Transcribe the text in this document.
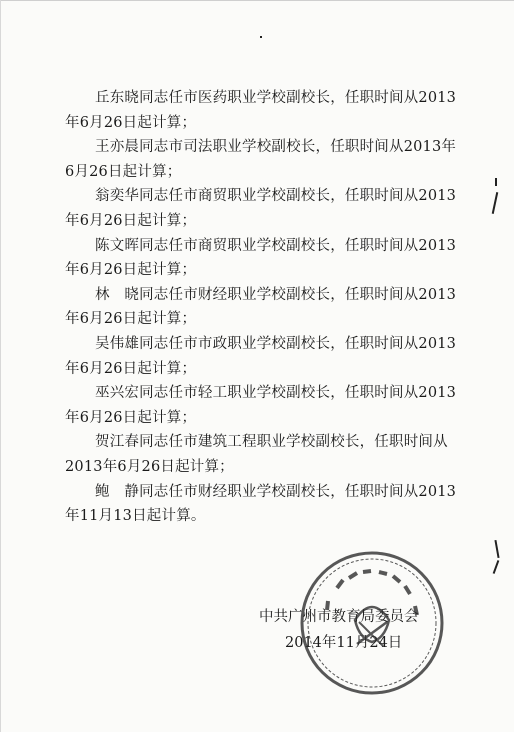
丘东晓同志任市医药职业学校副校长，任职时间从2013年6月26日起计算；

王亦晨同志市司法职业学校副校长，任职时间从2013年6月26日起计算；

翁奕华同志任市商贸职业学校副校长，任职时间从2013年6月26日起计算；

陈文晖同志任市商贸职业学校副校长，任职时间从2013年6月26日起计算；

林　晓同志任市财经职业学校副校长，任职时间从2013年6月26日起计算；

吴伟雄同志任市市政职业学校副校长，任职时间从2013年6月26日起计算；

巫兴宏同志任市轻工职业学校副校长，任职时间从2013年6月26日起计算；

贺江春同志任市建筑工程职业学校副校长，任职时间从2013年6月26日起计算；

鲍　静同志任市财经职业学校副校长，任职时间从2013年11月13日起计算。

中共广州市教育局委员会
2014年11月24日
